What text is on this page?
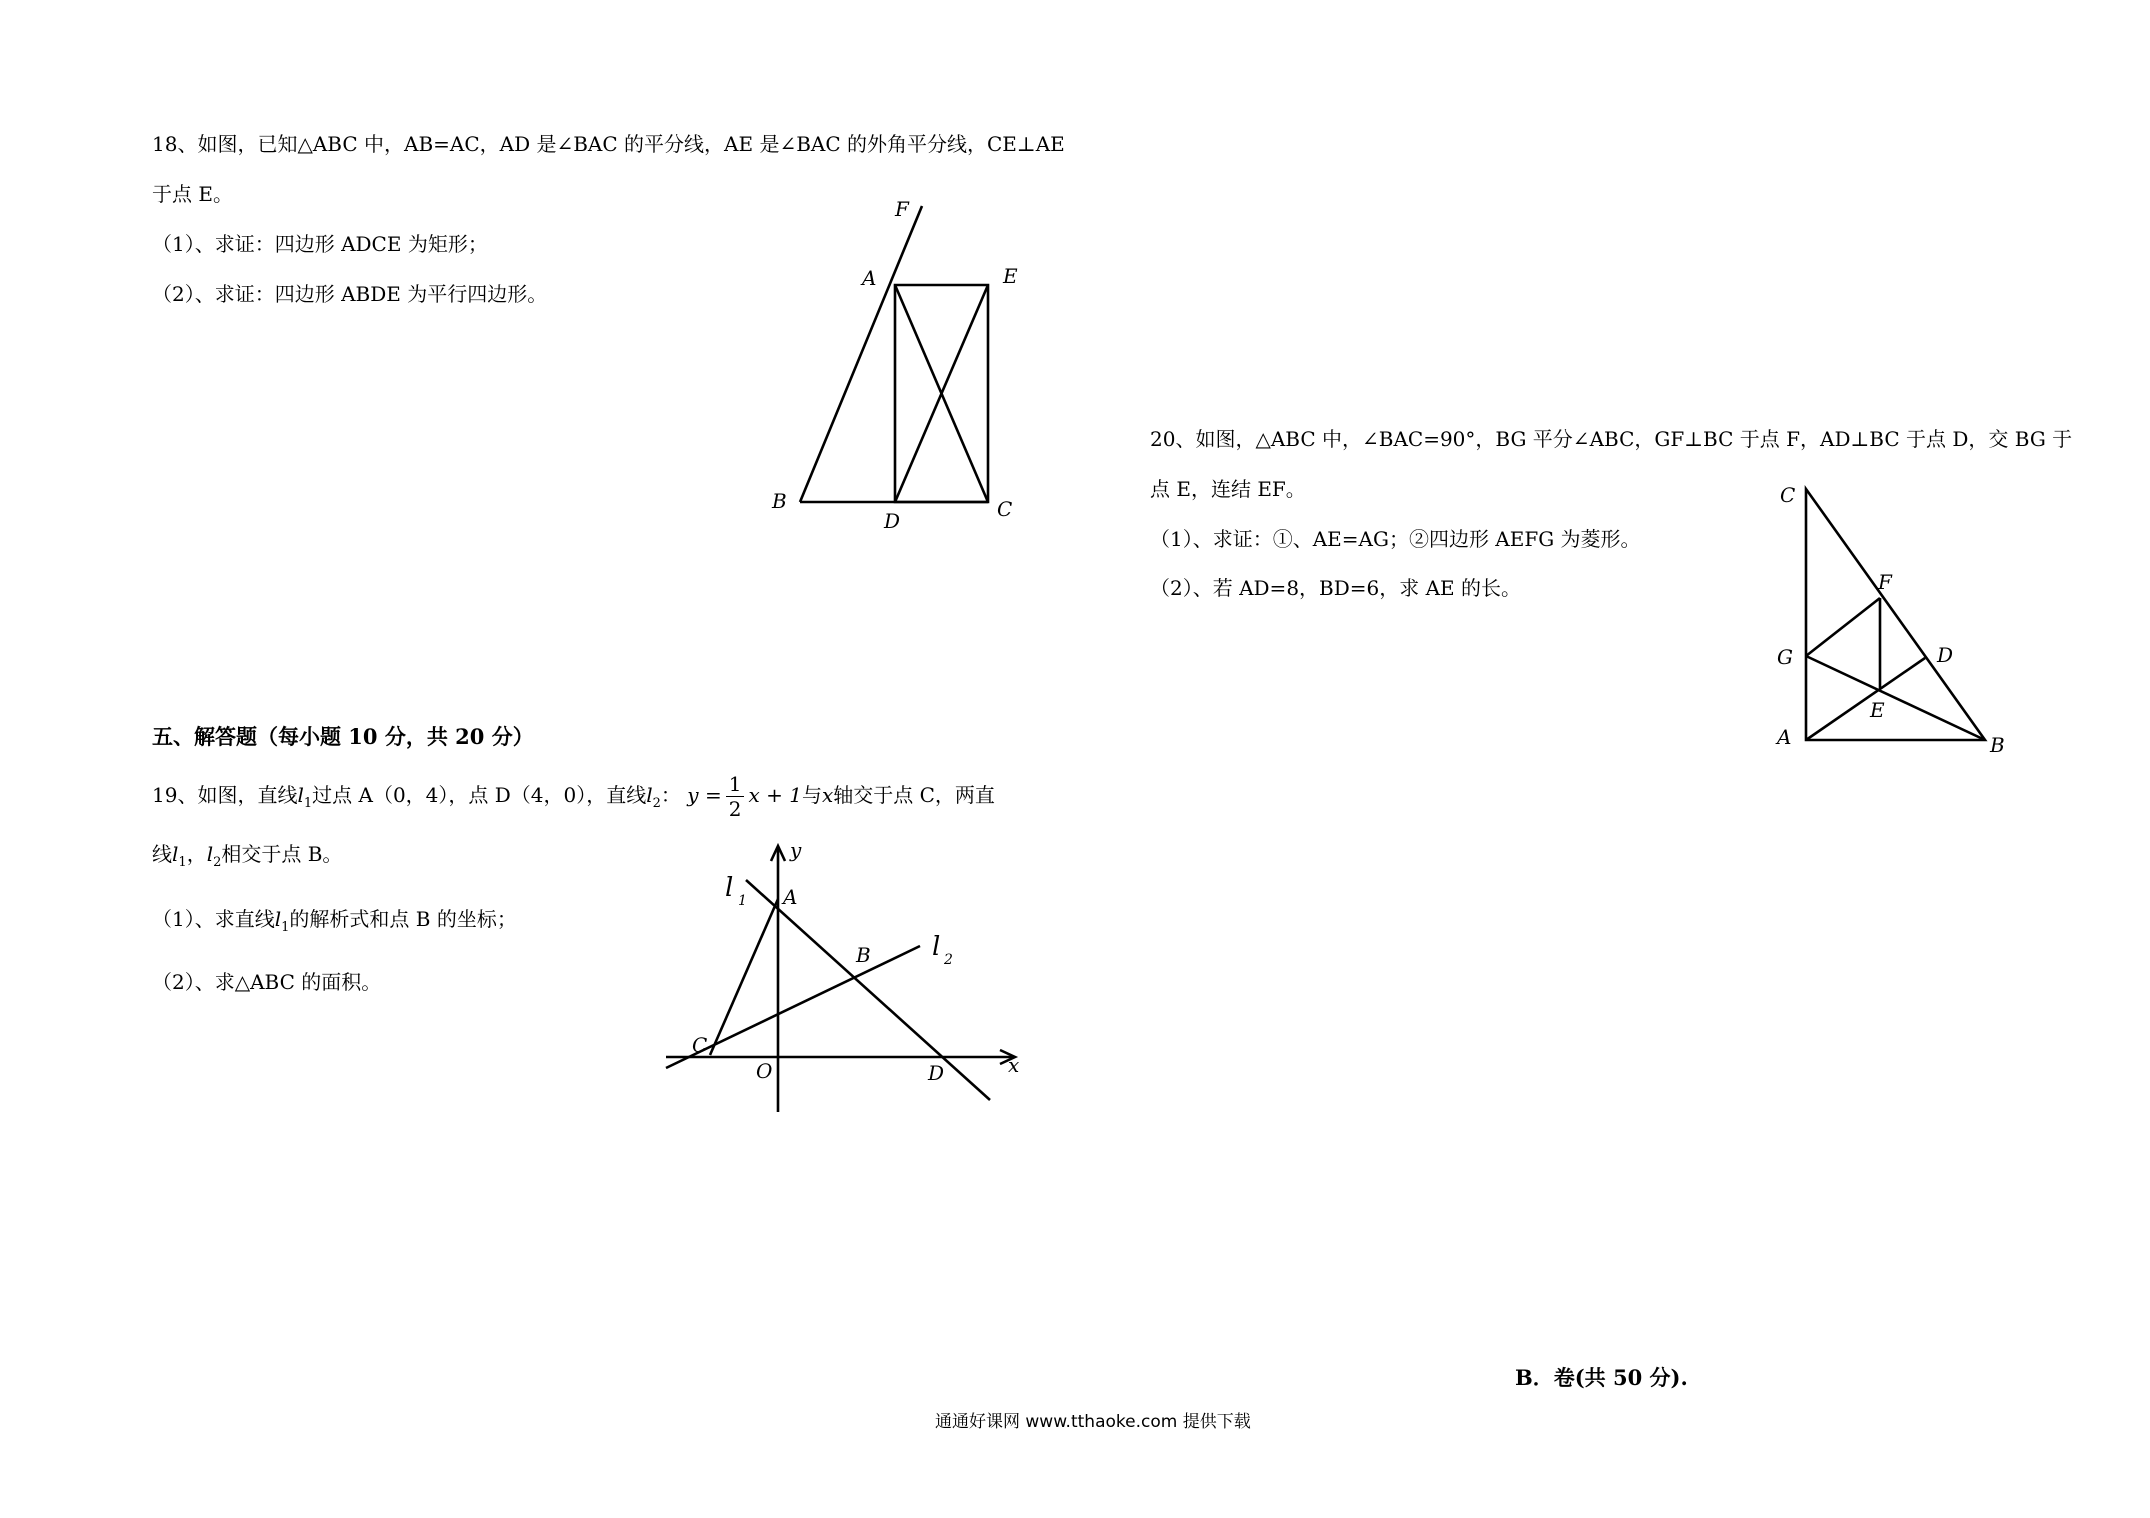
18、如图，已知△ABC 中，AB=AC，AD 是∠BAC 的平分线，AE 是∠BAC 的外角平分线，CE⊥AE
于点 E。
（1）、求证：四边形 ADCE 为矩形；
（2）、求证：四边形 ABDE 为平行四边形。
F
A	E
B
D	C
五、解答题（每小题 10 分，共 20 分）
19、如图，直线$l_1$过点 A（0，4），点 D（4，0），直线$l_2$： $y = \frac{1}{2}$ x + 1与x轴交于点 C，两直
线$l_1$，$l_2$相交于点 B。
（1）、求直线$l_1$的解析式和点 B 的坐标；
（2）、求△ABC 的面积。
y
x
l 1
l 2
A
B
C
O	D
20、如图，△ABC 中，∠BAC=90°，BG 平分∠ABC，GF⊥BC 于点 F，AD⊥BC 于点 D，交 BG 于
点 E，连结 EF。
（1）、求证：①、AE=AG；②四边形 AEFG 为菱形。
（2）、若 AD=8，BD=6，求 AE 的长。
C
F
G	D
E
A	B
B．卷(共 50 分).
通通好课网 www.tthaoke.com 提供下载
